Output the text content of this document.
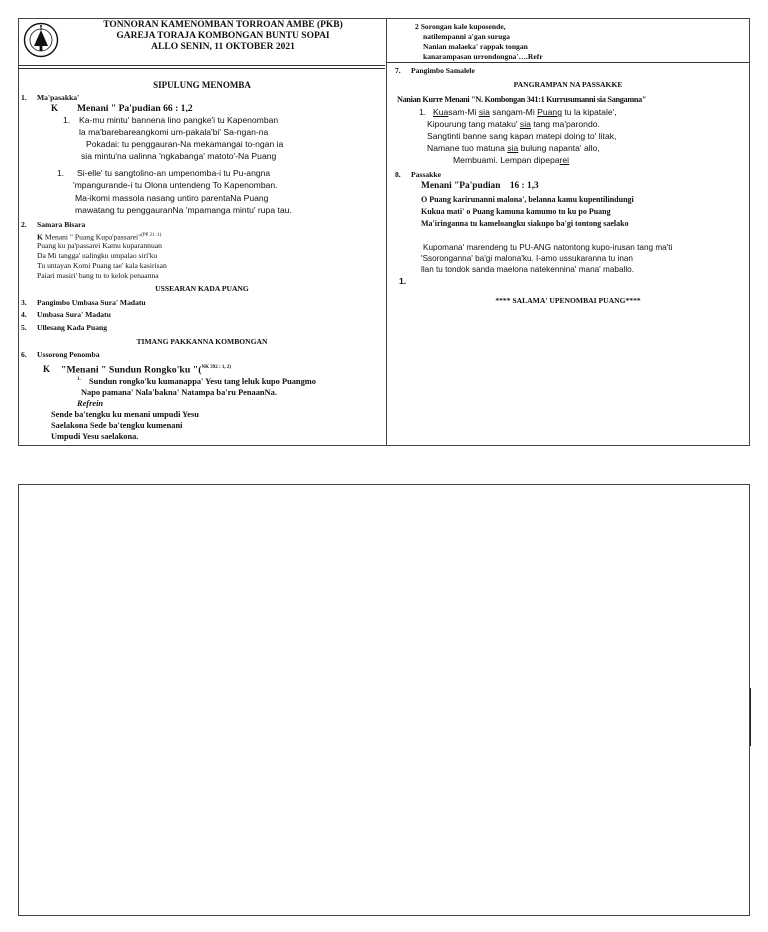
TONNORAN KAMENOMBAN TORROAN AMBE (PKB)
GAREJA TORAJA KOMBONGAN BUNTU SOPAI
ALLO SENIN, 11 OKTOBER 2021
SIPULUNG MENOMBA
1. Ma'pasakka'
K Menani " Pa'pudian 66 : 1,2
1. Ka-mu mintu' bannena lino pangke'i tu Kapenomban
la ma'barebareangkomi um-pakala'bi' Sa-ngan-na
Pokadai: tu penggauran-Na mekamangai to-ngan ia
sia mintu'na ualinna 'ngkabanga' matoto'-Na Puang
1. Si-elle' tu sangtolino-an umpenomba-i tu Pu-angna
'mpangurande-i tu Olona untendeng To Kapenomban.
Ma-ikomi massola nasang untiro parentaNa Puang
mawatang tu penggauranNa 'mpamanga mintu' rupa tau.
2. Samara Bisara
K Menani " Puang Kupa'passarei"$^{(PP 21 :1)}$
Puang ku pa'passarei Kamu kuparannuan
Da Mi tangga' ualingku umpalao siri'ku
Tu untayan Komi Puang tae' kala kasirisan
Paiari masiri' bang tu to kelok penaanna
USSEARAN KADA PUANG
3. Pangimbo Umbasa Sura' Madatu
4. Umbasa Sura' Madatu
5. Ullesang Kada Puang
TIMANG PAKKANNA KOMBONGAN
6. Ussorong Penomba
K "Menani " Sundun Rongko'ku "($^{NK 392 : 1, 2)}$
1. Sundun rongko'ku kumanappa' Yesu tang leluk kupo Puangmo
Napo pamana' Nala'bakna' Natampa ba'ru PenaanNa.
Refrein
Sende ba'tengku ku menani umpudi Yesu
Saelakona Sede ba'tengku kumenani
Umpudi Yesu saelakona.
2 Sorongan kale kuposende,
natilempanni a'gan suruga
Nanian malaeka' rappak tongan
kanarampasan urrondongna'….Refr
7. Pangimbo Samalele
PANGRAMPAN NA PASSAKKE
Nanian Kurre Menani "N. Kombongan 341:1 Kurrusumanni sia Sangamna"
1. Kuasam-Mi sia sangam-Mi Puang tu la kipatale',
Kipourung tang mataku' sia tang ma'parondo.
Sangtinti banne sang kapan matepi doing to' litak,
Namane tuo matuna sia bulung napanta' allo,
Membuami. Lempan dipeparei
8. Passakke
Menani "Pa'pudian 16 : 1,3
O Puang karirunanni malona', belanna kamu kupentilindungi
Kukua mati' o Puang kamuna kamumo tu ku po Puang
Ma'iringanna tu kameloangku siakupo ba'gi tontong saelako
Kupomana' marendeng tu PU-ANG natontong kupo-irusan tang ma'ti
'Ssoronganna' ba'gi malona'ku. I-amo ussukaranna tu inan
llan tu tondok sanda maelona natekennina' mana' maballo.
1.
**** SALAMA' UPENOMBAI PUANG****
